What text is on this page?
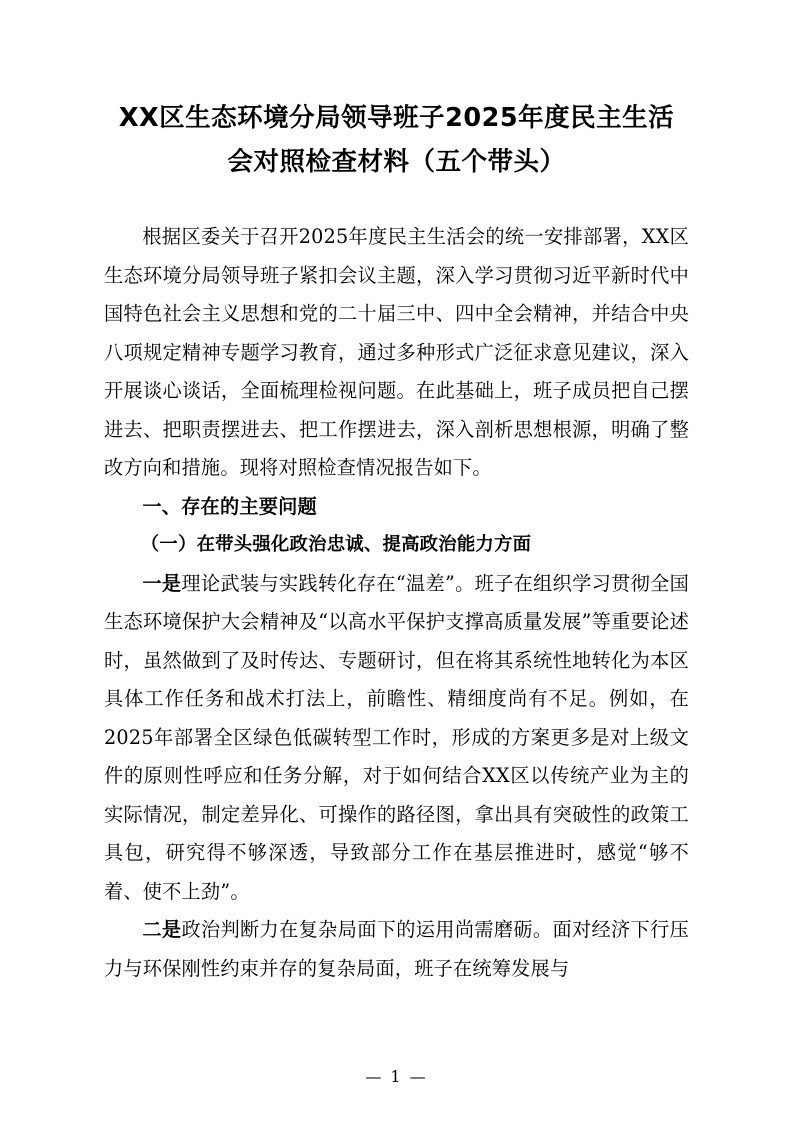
XX区生态环境分局领导班子2025年度民主生活会对照检查材料（五个带头）

根据区委关于召开2025年度民主生活会的统一安排部署，XX区生态环境分局领导班子紧扣会议主题，深入学习贯彻习近平新时代中国特色社会主义思想和党的二十届三中、四中全会精神，并结合中央八项规定精神专题学习教育，通过多种形式广泛征求意见建议，深入开展谈心谈话，全面梳理检视问题。在此基础上，班子成员把自己摆进去、把职责摆进去、把工作摆进去，深入剖析思想根源，明确了整改方向和措施。现将对照检查情况报告如下。

一、存在的主要问题
（一）在带头强化政治忠诚、提高政治能力方面

一是理论武装与实践转化存在“温差”。班子在组织学习贯彻全国生态环境保护大会精神及“以高水平保护支撑高质量发展”等重要论述时，虽然做到了及时传达、专题研讨，但在将其系统性地转化为本区具体工作任务和战术打法上，前瞻性、精细度尚有不足。例如，在2025年部署全区绿色低碳转型工作时，形成的方案更多是对上级文件的原则性呼应和任务分解，对于如何结合XX区以传统产业为主的实际情况，制定差异化、可操作的路径图，拿出具有突破性的政策工具包，研究得不够深透，导致部分工作在基层推进时，感觉“够不着、使不上劲”。

二是政治判断力在复杂局面下的运用尚需磨砺。面对经济下行压力与环保刚性约束并存的复杂局面，班子在统筹发展与

— 1 —
